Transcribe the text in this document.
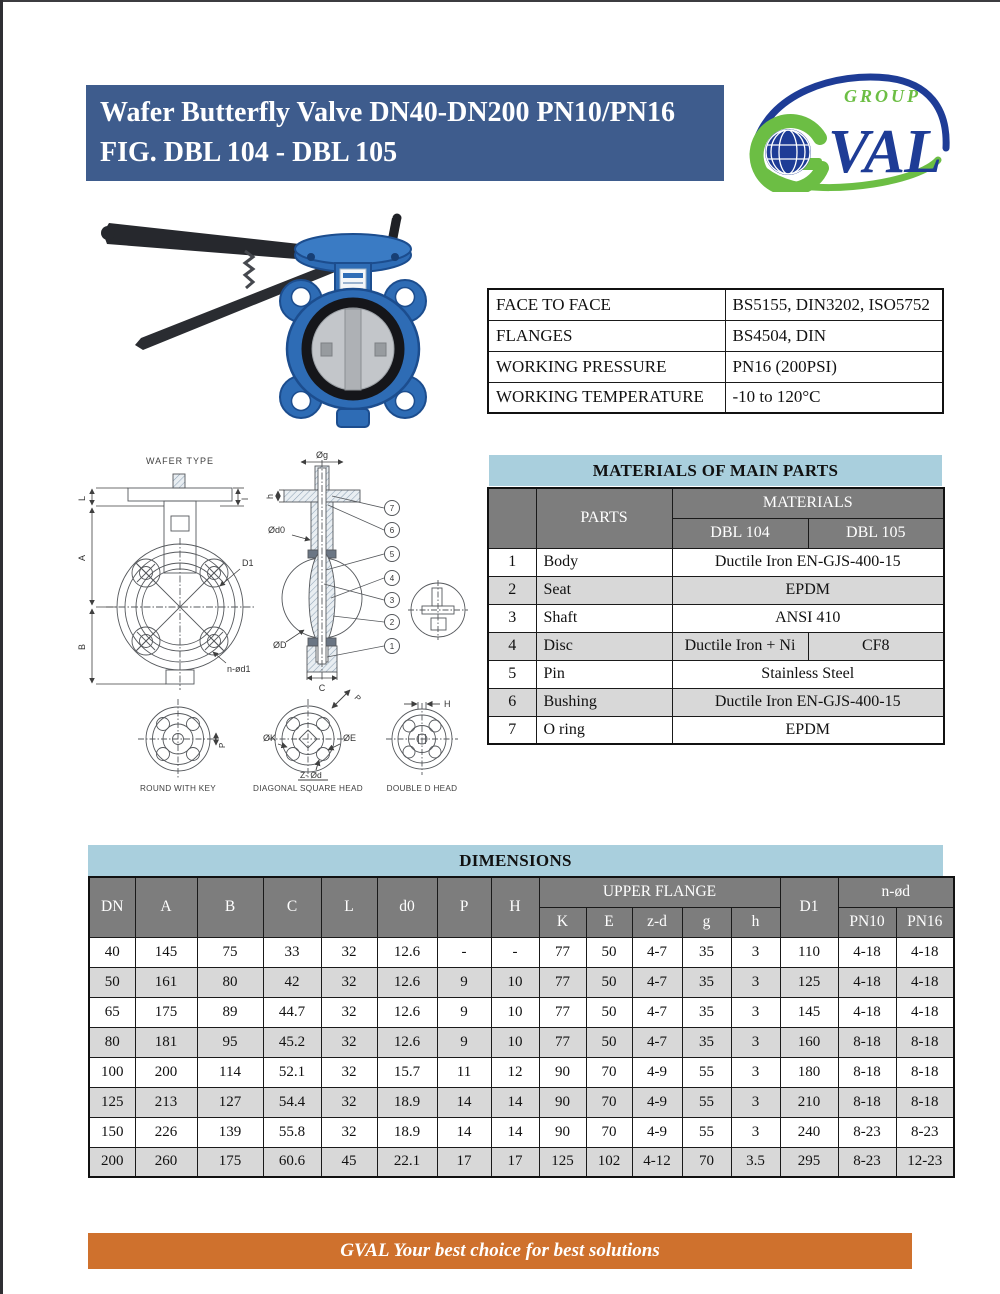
Wafer Butterfly Valve DN40-DN200 PN10/PN16
FIG. DBL 104 - DBL 105
GROUP
VAL
FACE TO FACE	BS5155, DIN3202, ISO5752
FLANGES	BS4504, DIN
WORKING PRESSURE	PN16 (200PSI)
WORKING TEMPERATURE	-10 to 120°C
WAFER TYPE
L
A
B
l
D1
n-ød1
Øg
h
Ød0
ØD
C
7
6
5
4
3
2
1
P
P
ØK	ØE
Z- Ød
H
ROUND WITH KEY	DIAGONAL SQUARE HEAD	DOUBLE D HEAD
MATERIALS OF MAIN PARTS
	PARTS	MATERIALS	
		DBL 104	DBL 105
1	Body	Ductile Iron EN-GJS-400-15	
2	Seat	EPDM	
3	Shaft	ANSI 410	
4	Disc	Ductile Iron + Ni	CF8
5	Pin	Stainless Steel	
6	Bushing	Ductile Iron EN-GJS-400-15	
7	O ring	EPDM	
DIMENSIONS
DN	A	B	C	L	d0	P	H	UPPER FLANGE					D1	n-ød	
								K	E	z-d	g	h		PN10	PN16
40	145	75	33	32	12.6	-	-	77	50	4-7	35	3	110	4-18	4-18
50	161	80	42	32	12.6	9	10	77	50	4-7	35	3	125	4-18	4-18
65	175	89	44.7	32	12.6	9	10	77	50	4-7	35	3	145	4-18	4-18
80	181	95	45.2	32	12.6	9	10	77	50	4-7	35	3	160	8-18	8-18
100	200	114	52.1	32	15.7	11	12	90	70	4-9	55	3	180	8-18	8-18
125	213	127	54.4	32	18.9	14	14	90	70	4-9	55	3	210	8-18	8-18
150	226	139	55.8	32	18.9	14	14	90	70	4-9	55	3	240	8-23	8-23
200	260	175	60.6	45	22.1	17	17	125	102	4-12	70	3.5	295	8-23	12-23
GVAL Your best choice for best solutions
